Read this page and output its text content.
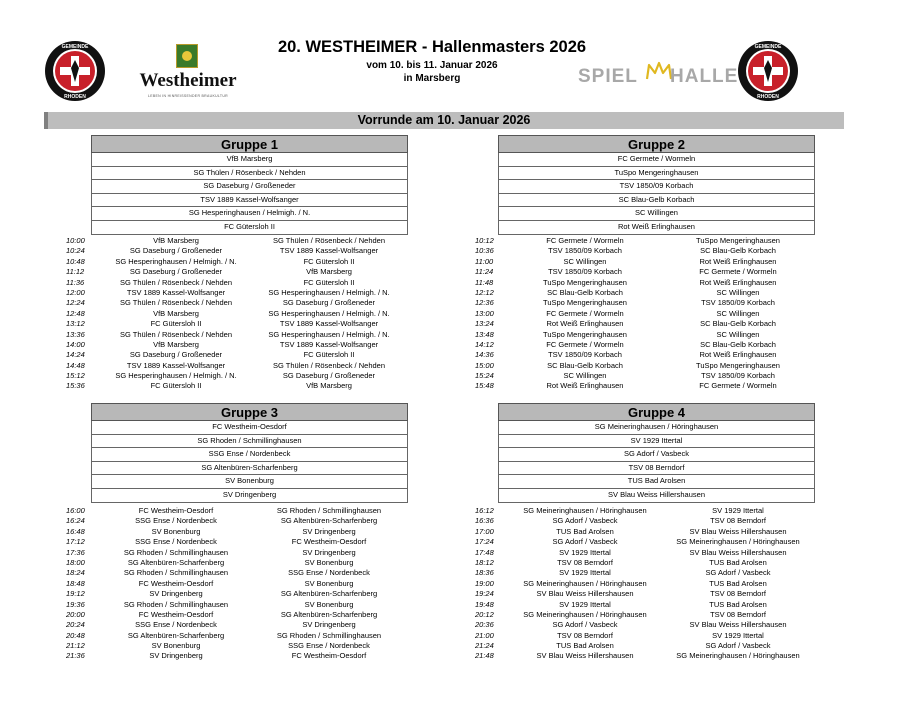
GEMEINDE
RHODEN
Westheimer
LEBEN IN HINREISSENDER BRAUKULTUR
20. WESTHEIMER - Hallenmasters 2026
vom 10. bis 11. Januar 2026
in Marsberg	SPIEL HALLE
GEMEINDE
RHODEN
Vorrunde am 10. Januar 2026
Gruppe 1
VfB Marsberg
SG Thülen / Rösenbeck / Nehden
SG Daseburg / Großeneder
TSV 1889 Kassel-Wolfsanger
SG Hesperinghausen / Helmigh. / N.
FC Gütersloh II
10:00	VfB Marsberg	SG Thülen / Rösenbeck / Nehden
10:24	SG Daseburg / Großeneder	TSV 1889 Kassel-Wolfsanger
10:48	SG Hesperinghausen / Helmigh. / N.	FC Gütersloh II
11:12	SG Daseburg / Großeneder	VfB Marsberg
11:36	SG Thülen / Rösenbeck / Nehden	FC Gütersloh II
12:00	TSV 1889 Kassel-Wolfsanger	SG Hesperinghausen / Helmigh. / N.
12:24	SG Thülen / Rösenbeck / Nehden	SG Daseburg / Großeneder
12:48	VfB Marsberg	SG Hesperinghausen / Helmigh. / N.
13:12	FC Gütersloh II	TSV 1889 Kassel-Wolfsanger
13:36	SG Thülen / Rösenbeck / Nehden	SG Hesperinghausen / Helmigh. / N.
14:00	VfB Marsberg	TSV 1889 Kassel-Wolfsanger
14:24	SG Daseburg / Großeneder	FC Gütersloh II
14:48	TSV 1889 Kassel-Wolfsanger	SG Thülen / Rösenbeck / Nehden
15:12	SG Hesperinghausen / Helmigh. / N.	SG Daseburg / Großeneder
15:36	FC Gütersloh II	VfB Marsberg
Gruppe 2
FC Germete / Wormeln
TuSpo Mengeringhausen
TSV 1850/09 Korbach
SC Blau-Gelb Korbach
SC Willingen
Rot Weiß Erlinghausen
10:12	FC Germete / Wormeln	TuSpo Mengeringhausen
10:36	TSV 1850/09 Korbach	SC Blau-Gelb Korbach
11:00	SC Willingen	Rot Weiß Erlinghausen
11:24	TSV 1850/09 Korbach	FC Germete / Wormeln
11:48	TuSpo Mengeringhausen	Rot Weiß Erlinghausen
12:12	SC Blau-Gelb Korbach	SC Willingen
12:36	TuSpo Mengeringhausen	TSV 1850/09 Korbach
13:00	FC Germete / Wormeln	SC Willingen
13:24	Rot Weiß Erlinghausen	SC Blau-Gelb Korbach
13:48	TuSpo Mengeringhausen	SC Willingen
14:12	FC Germete / Wormeln	SC Blau-Gelb Korbach
14:36	TSV 1850/09 Korbach	Rot Weiß Erlinghausen
15:00	SC Blau-Gelb Korbach	TuSpo Mengeringhausen
15:24	SC Willingen	TSV 1850/09 Korbach
15:48	Rot Weiß Erlinghausen	FC Germete / Wormeln
Gruppe 3
FC Westheim-Oesdorf
SG Rhoden / Schmillinghausen
SSG Ense / Nordenbeck
SG Altenbüren-Scharfenberg
SV Bonenburg
SV Dringenberg
16:00	FC Westheim-Oesdorf	SG Rhoden / Schmillinghausen
16:24	SSG Ense / Nordenbeck	SG Altenbüren-Scharfenberg
16:48	SV Bonenburg	SV Dringenberg
17:12	SSG Ense / Nordenbeck	FC Westheim-Oesdorf
17:36	SG Rhoden / Schmillinghausen	SV Dringenberg
18:00	SG Altenbüren-Scharfenberg	SV Bonenburg
18:24	SG Rhoden / Schmillinghausen	SSG Ense / Nordenbeck
18:48	FC Westheim-Oesdorf	SV Bonenburg
19:12	SV Dringenberg	SG Altenbüren-Scharfenberg
19:36	SG Rhoden / Schmillinghausen	SV Bonenburg
20:00	FC Westheim-Oesdorf	SG Altenbüren-Scharfenberg
20:24	SSG Ense / Nordenbeck	SV Dringenberg
20:48	SG Altenbüren-Scharfenberg	SG Rhoden / Schmillinghausen
21:12	SV Bonenburg	SSG Ense / Nordenbeck
21:36	SV Dringenberg	FC Westheim-Oesdorf
Gruppe 4
SG Meineringhausen / Höringhausen
SV 1929 Ittertal
SG Adorf / Vasbeck
TSV 08 Berndorf
TUS Bad Arolsen
SV Blau Weiss Hillershausen
16:12	SG Meineringhausen / Höringhausen	SV 1929 Ittertal
16:36	SG Adorf / Vasbeck	TSV 08 Berndorf
17:00	TUS Bad Arolsen	SV Blau Weiss Hillershausen
17:24	SG Adorf / Vasbeck	SG Meineringhausen / Höringhausen
17:48	SV 1929 Ittertal	SV Blau Weiss Hillershausen
18:12	TSV 08 Berndorf	TUS Bad Arolsen
18:36	SV 1929 Ittertal	SG Adorf / Vasbeck
19:00	SG Meineringhausen / Höringhausen	TUS Bad Arolsen
19:24	SV Blau Weiss Hillershausen	TSV 08 Berndorf
19:48	SV 1929 Ittertal	TUS Bad Arolsen
20:12	SG Meineringhausen / Höringhausen	TSV 08 Berndorf
20:36	SG Adorf / Vasbeck	SV Blau Weiss Hillershausen
21:00	TSV 08 Berndorf	SV 1929 Ittertal
21:24	TUS Bad Arolsen	SG Adorf / Vasbeck
21:48	SV Blau Weiss Hillershausen	SG Meineringhausen / Höringhausen
